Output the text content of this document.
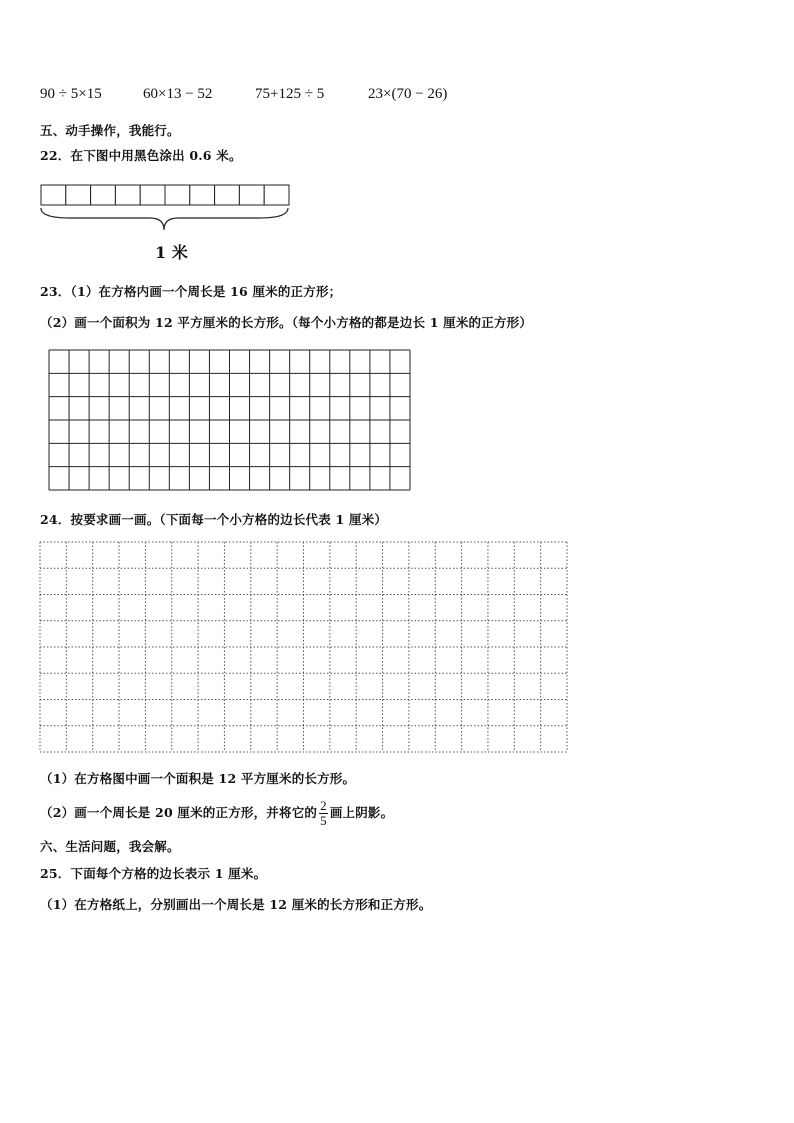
90 ÷ 5×15	60×13 − 52	75+125 ÷ 5	23×(70 − 26)
五、动手操作，我能行。
22．在下图中用黑色涂出 0.6 米。
1 米
23．（1）在方格内画一个周长是 16 厘米的正方形；
（2）画一个面积为 12 平方厘米的长方形。（每个小方格的都是边长 1 厘米的正方形）
24．按要求画一画。（下面每一个小方格的边长代表 1 厘米）
（1）在方格图中画一个面积是 12 平方厘米的长方形。
（2）画一个周长是 20 厘米的正方形，并将它的 $\frac{2}{5}$ 画上阴影。
六、生活问题，我会解。
25．下面每个方格的边长表示 1 厘米。
（1）在方格纸上，分别画出一个周长是 12 厘米的长方形和正方形。
